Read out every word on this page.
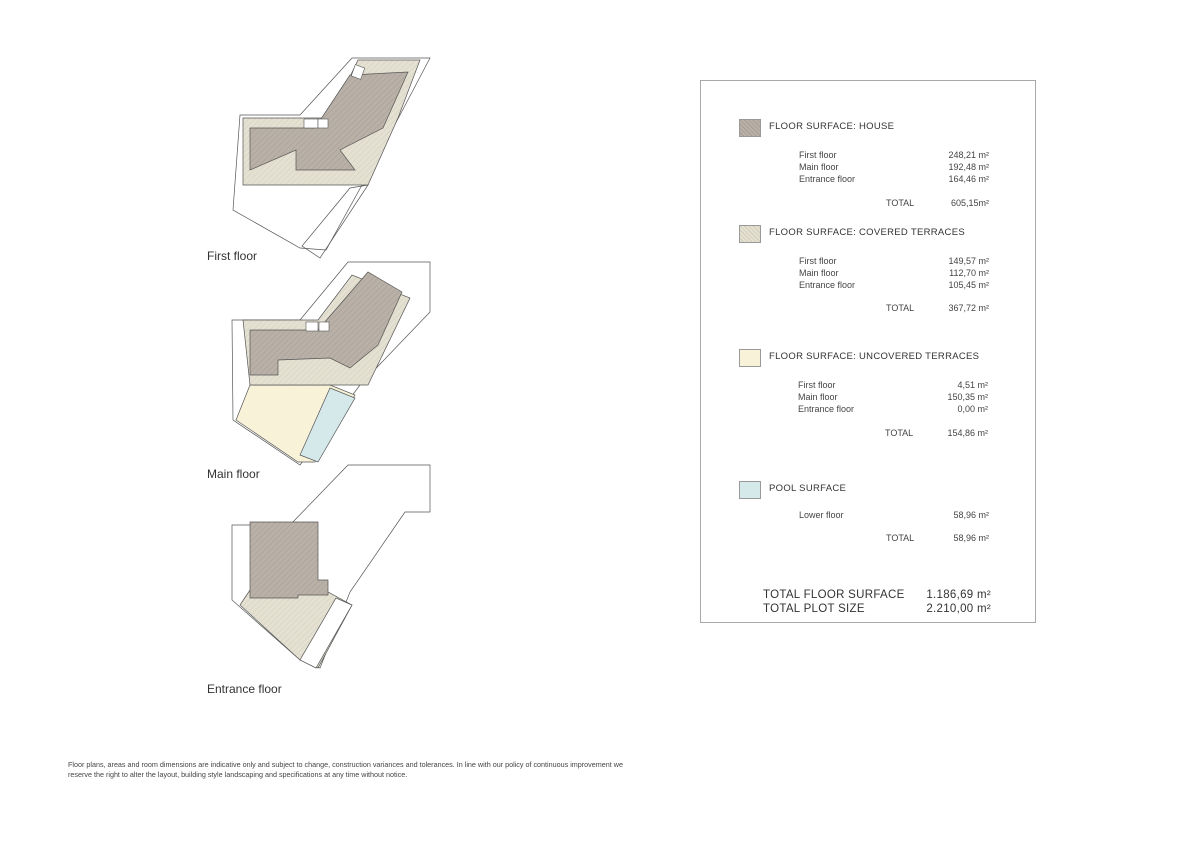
First floor
Main floor
Entrance floor
Floor plans, areas and room dimensions are indicative only and subject to change, construction variances and tolerances. In line with our policy of continuous improvement we reserve the right to alter the layout, building style landscaping and specifications at any time without notice.
FLOOR SURFACE: HOUSE
First floor	248,21 m²
Main floor	192,48 m²
Entrance floor	164,46 m²
TOTAL	605,15m²
FLOOR SURFACE: COVERED TERRACES
First floor	149,57 m²
Main floor	112,70 m²
Entrance floor	105,45 m²
TOTAL	367,72 m²
FLOOR SURFACE: UNCOVERED TERRACES
First floor	4,51 m²
Main floor	150,35 m²
Entrance floor	0,00 m²
TOTAL	154,86 m²
POOL SURFACE
Lower floor	58,96 m²
TOTAL	58,96 m²
TOTAL FLOOR SURFACE 1.186,69 m²
TOTAL PLOT SIZE	2.210,00 m²
